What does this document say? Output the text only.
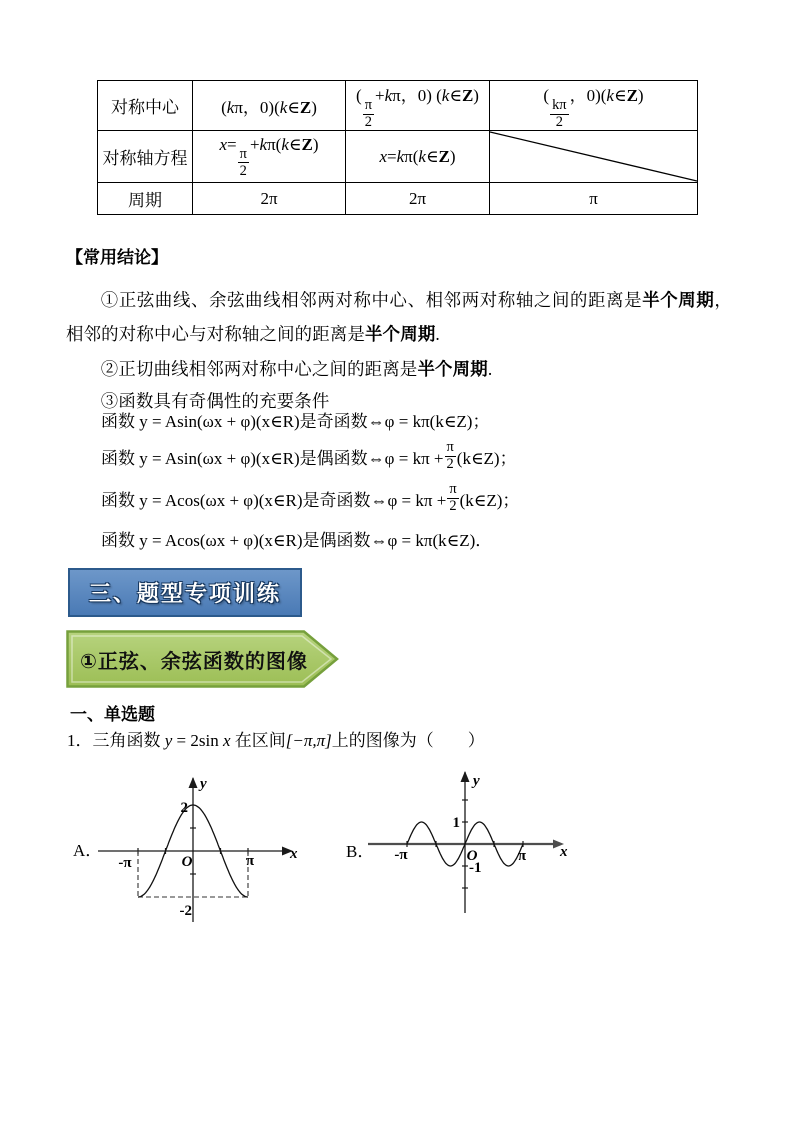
对称中心	(kπ，0)(k∈Z)	(
$\frac{\pi}{2}$
+kπ，0) (k∈Z)	(
$\frac{k\pi}{2}$
，0)(k∈Z)
对称轴方程	x=
$\frac{\pi}{2}$
+kπ(k∈Z)	x=kπ(k∈Z)	

周期	2π	2π	π
【常用结论】
①正弦曲线、余弦曲线相邻两对称中心、相邻两对称轴之间的距离是半个周期，相邻的对称中心与对称轴之间的距离是半个周期.
②正切曲线相邻两对称中心之间的距离是半个周期.
③函数具有奇偶性的充要条件
函数 y = Asin(ωx + φ)(x∈R)是奇函数⇔φ = kπ(k∈Z)；
函数 y = Asin(ωx + φ)(x∈R)是偶函数⇔φ = $k\pi + \frac{\pi}{2}$ (k∈Z)；
函数 y = Acos(ωx + φ)(x∈R)是奇函数⇔φ = $k\pi + \frac{\pi}{2}$ (k∈Z)；
函数 y = Acos(ωx + φ)(x∈R)是偶函数⇔φ = kπ(k∈Z)．
三、题型专项训练
①正弦、余弦函数的图像
一、单选题
1．三角函数 y = 2sin x 在区间[−π,π]上的图像为（　　）
A．
2
-2
-π	π
O
y
x	B．
1
-1
-π	π
O
y
x
